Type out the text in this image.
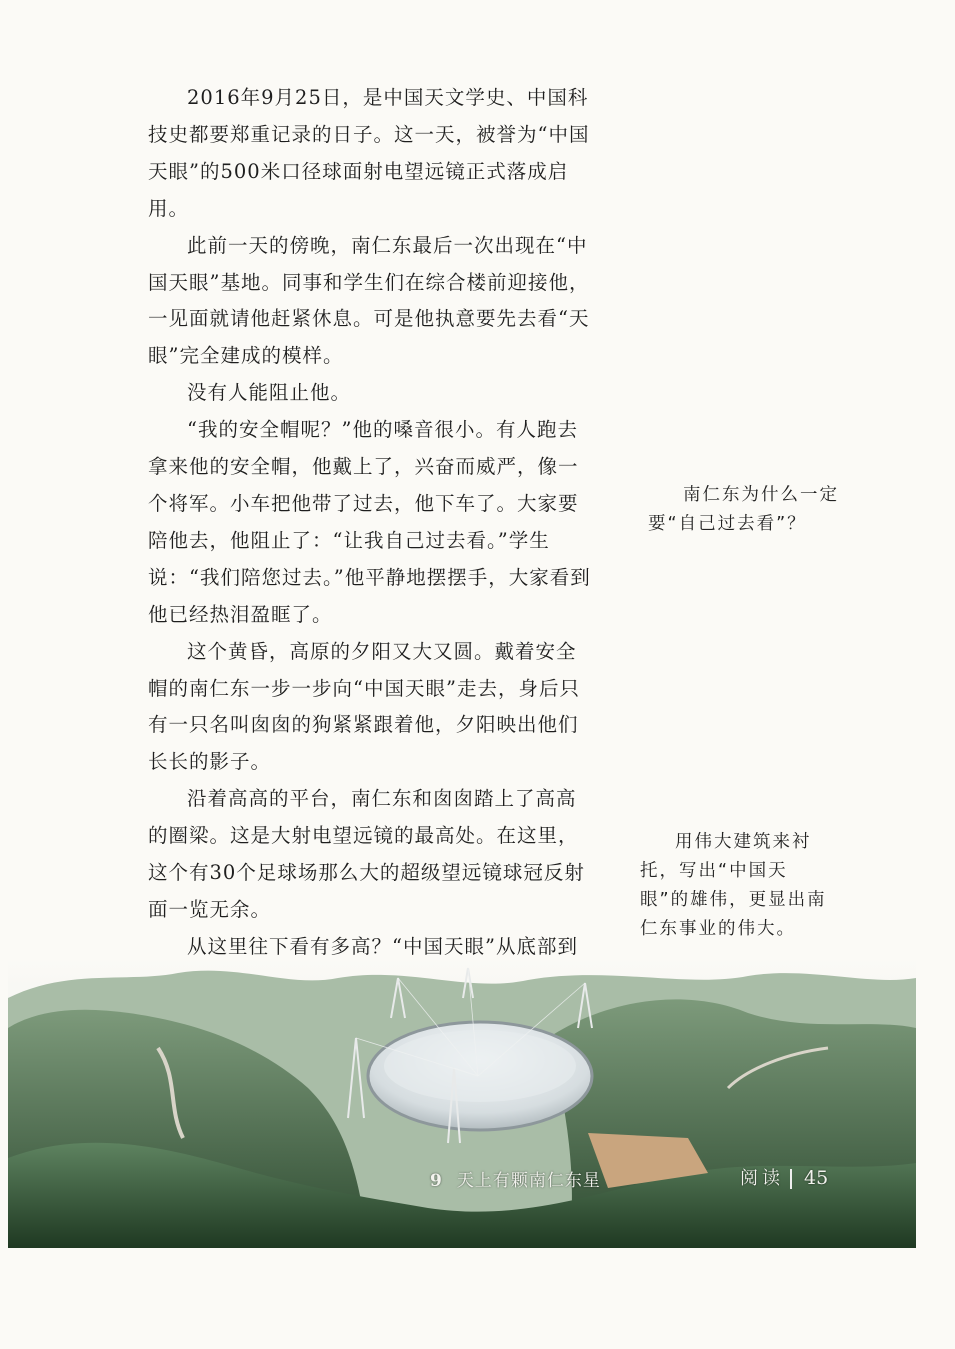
2016年9月25日，是中国天文学史、中国科技史都要郑重记录的日子。这一天，被誉为“中国天眼”的500米口径球面射电望远镜正式落成启用。

此前一天的傍晚，南仁东最后一次出现在“中国天眼”基地。同事和学生们在综合楼前迎接他，一见面就请他赶紧休息。可是他执意要先去看“天眼”完全建成的模样。

没有人能阻止他。

“我的安全帽呢？”他的嗓音很小。有人跑去拿来他的安全帽，他戴上了，兴奋而威严，像一个将军。小车把他带了过去，他下车了。大家要陪他去，他阻止了：“让我自己过去看。”学生说：“我们陪您过去。”他平静地摆摆手，大家看到他已经热泪盈眶了。

这个黄昏，高原的夕阳又大又圆。戴着安全帽的南仁东一步一步向“中国天眼”走去，身后只有一只名叫囱囱的狗紧紧跟着他，夕阳映出他们长长的影子。

沿着高高的平台，南仁东和囱囱踏上了高高的圈梁。这是大射电望远镜的最高处。在这里，这个有30个足球场那么大的超级望远镜球冠反射面一览无余。

从这里往下看有多高？“中国天眼”从底部到

南仁东为什么一定要“自己过去看”？

用伟大建筑来衬托，写出“中国天眼”的雄伟，更显出南仁东事业的伟大。

9 天上有颗南仁东星	阅读 45
